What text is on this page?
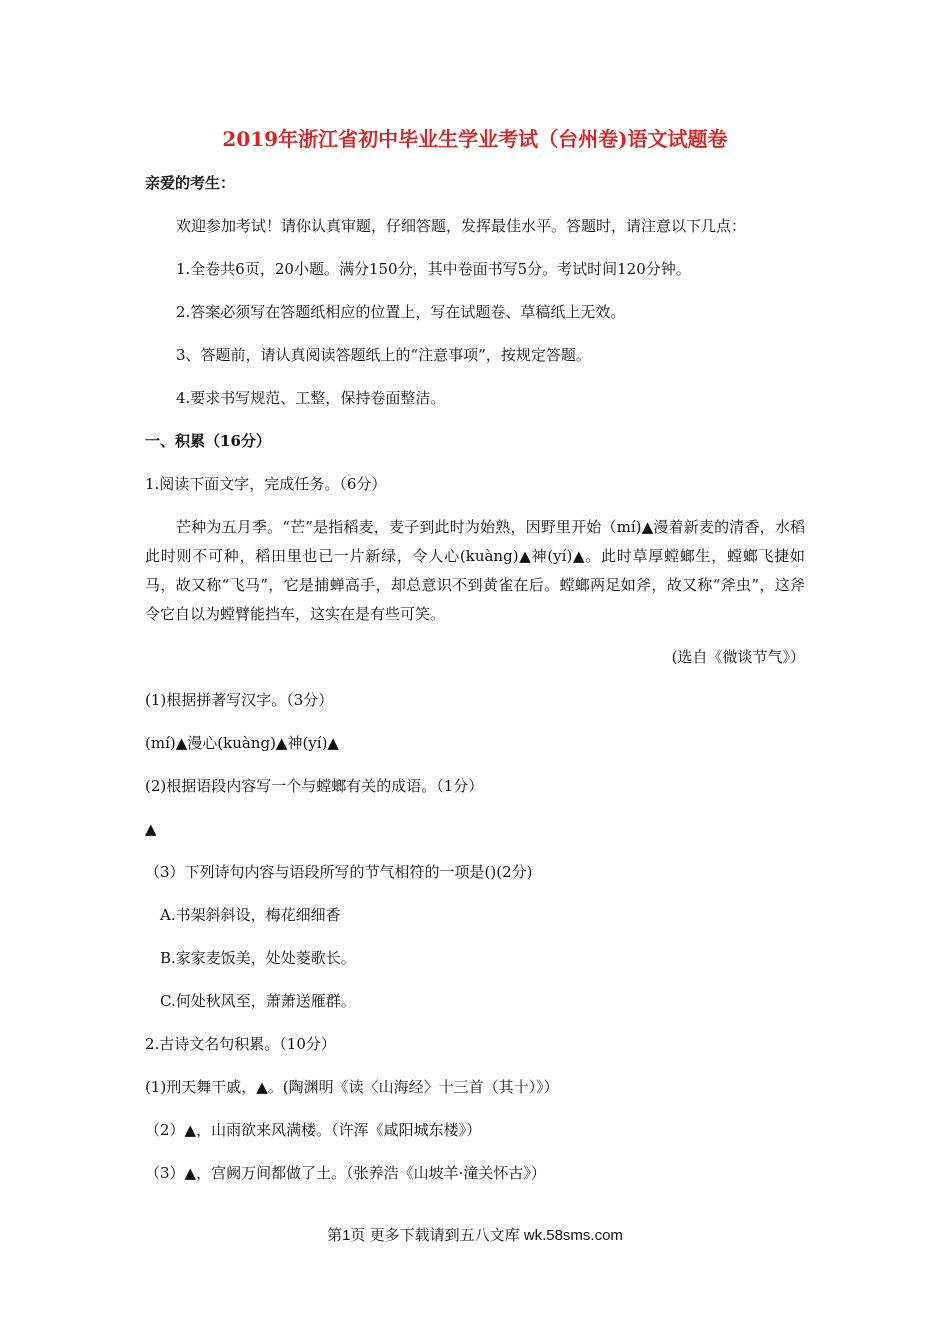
2019年浙江省初中毕业生学业考试（台州卷)语文试题卷
亲爱的考生：
欢迎参加考试！请你认真审题，仔细答题，发挥最佳水平。答题时，请注意以下几点：
1.全卷共6页，20小题。满分150分，其中卷面书写5分。考试时间120分钟。
2.答案必须写在答题纸相应的位置上，写在试题卷、草稿纸上无效。
3、答题前，请认真阅读答题纸上的“注意事项”，按规定答题。
4.要求书写规范、工整，保持卷面整洁。
一、积累（16分）
1.阅读下面文字，完成任务。（6分）
芒种为五月季。“芒”是指稻麦，麦子到此时为始熟，因野里开始（mí)▲漫着新麦的清香，水稻此时则不可种，稻田里也已一片新绿，令人心(kuàng)▲神(yí)▲。此时草厚螳螂生，螳螂飞捷如马，故又称“飞马”，它是捕蝉高手，却总意识不到黄雀在后。螳螂两足如斧，故又称“斧虫”，这斧令它自以为螳臂能挡车，这实在是有些可笑。
(选自《微谈节气》）
(1)根据拼著写汉字。（3分）
(mí)▲漫心(kuàng)▲神(yí)▲
(2)根据语段内容写一个与螳螂有关的成语。（1分）
▲
（3）下列诗句内容与语段所写的节气相符的一项是()(2分)
A.书架斜斜设，梅花细细香
B.家家麦饭美，处处菱歌长。
C.何处秋风至，萧萧送雁群。
2.古诗文名句积累。（10分）
(1)刑天舞干戚，▲。(陶渊明《读〈山海经〉十三首（其十）》）
（2）▲，山雨欲来风满楼。（许浑《咸阳城东楼》）
（3）▲，宫阙万间都做了土。（张养浩《山坡羊·潼关怀古》）
第1页 更多下载请到五八文库 wk.58sms.com
